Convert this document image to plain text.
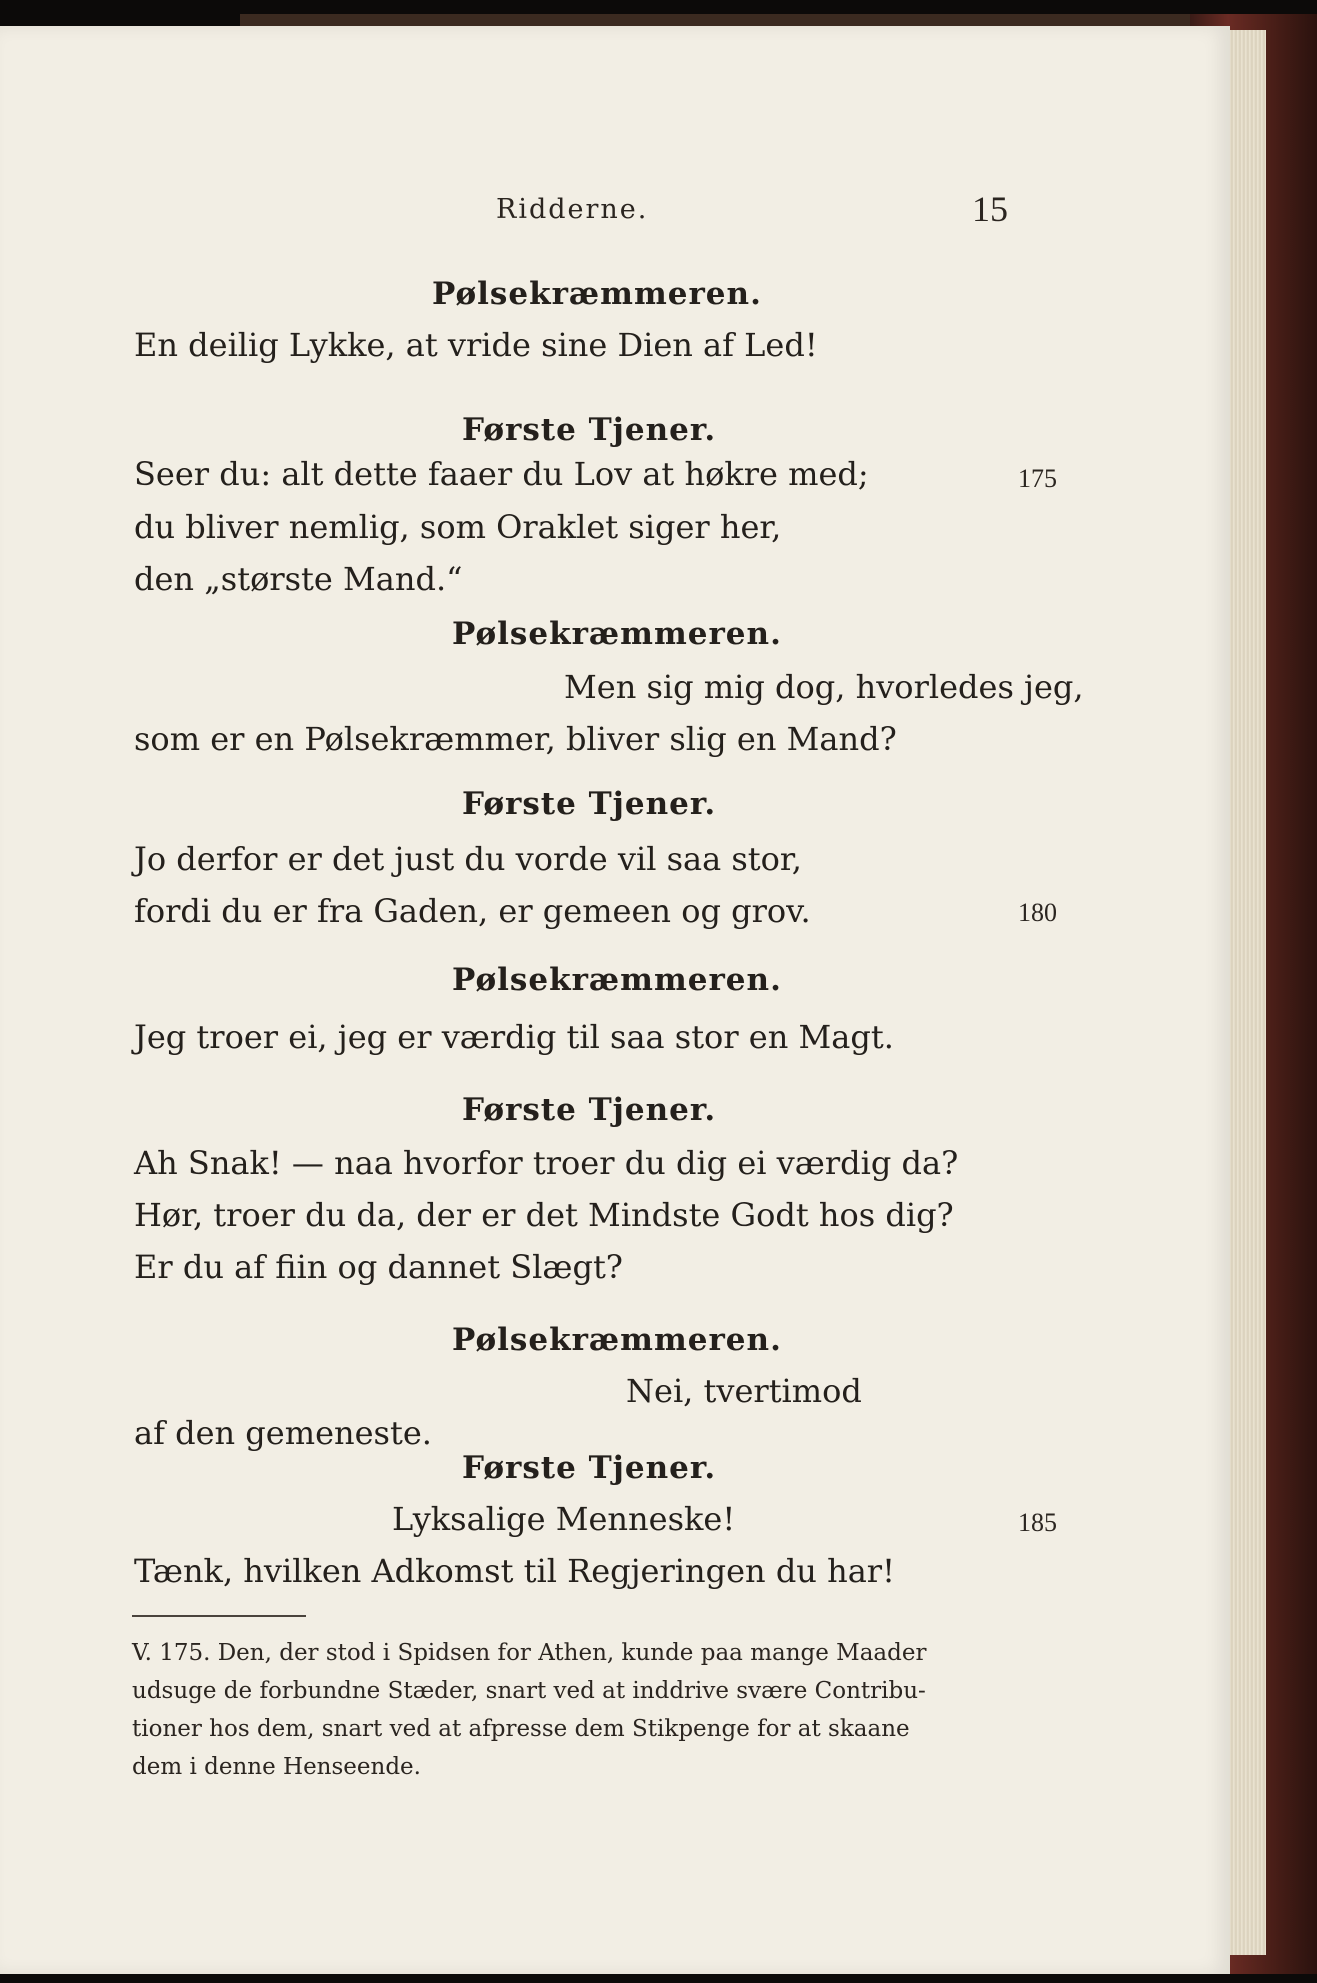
Ridderne.	15
Pølsekræmmeren.
En deilig Lykke, at vride sine Dien af Led!
Første Tjener.
Seer du: alt dette faaer du Lov at høkre med;
du bliver nemlig, som Oraklet siger her,
den „største Mand.“
Pølsekræmmeren.
Men sig mig dog, hvorledes jeg,
som er en Pølsekræmmer, bliver slig en Mand?
Første Tjener.
Jo derfor er det just du vorde vil saa stor,
fordi du er fra Gaden, er gemeen og grov.
Pølsekræmmeren.
Jeg troer ei, jeg er værdig til saa stor en Magt.
Første Tjener.
Ah Snak! — naa hvorfor troer du dig ei værdig da?
Hør, troer du da, der er det Mindste Godt hos dig?
Er du af fiin og dannet Slægt?
Pølsekræmmeren.
Nei, tvertimod
af den gemeneste.
Første Tjener.
Lyksalige Menneske!
Tænk, hvilken Adkomst til Regjeringen du har!
175
180
185
V. 175. Den, der stod i Spidsen for Athen, kunde paa mange Maader
udsuge de forbundne Stæder, snart ved at inddrive svære Contribu-
tioner hos dem, snart ved at afpresse dem Stikpenge for at skaane
dem i denne Henseende.
